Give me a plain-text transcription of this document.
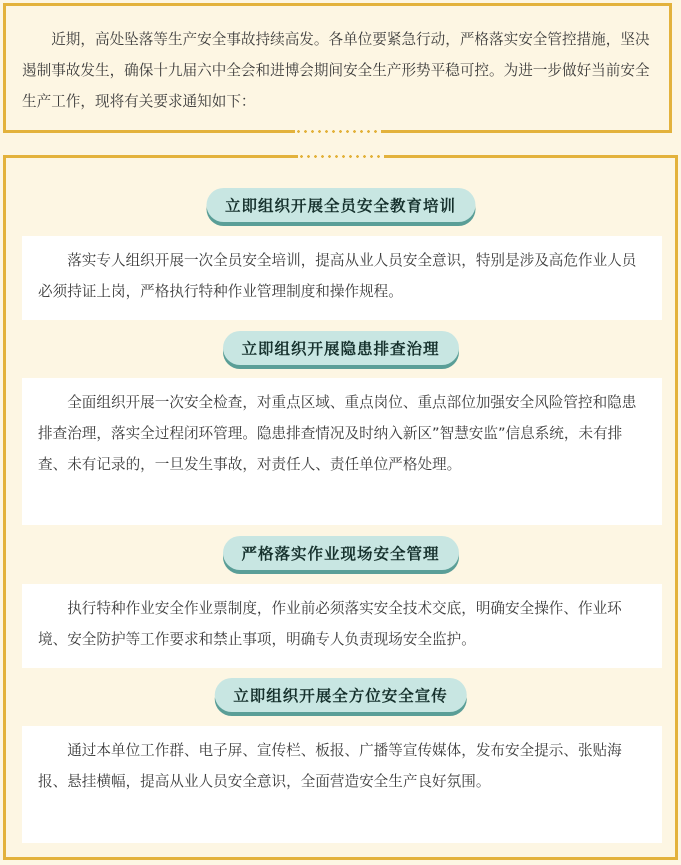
近期，高处坠落等生产安全事故持续高发。各单位要紧急行动，严格落实安全管控措施，坚决遏制事故发生，确保十九届六中全会和进博会期间安全生产形势平稳可控。为进一步做好当前安全生产工作，现将有关要求通知如下：

立即组织开展全员安全教育培训

落实专人组织开展一次全员安全培训，提高从业人员安全意识，特别是涉及高危作业人员必须持证上岗，严格执行特种作业管理制度和操作规程。

立即组织开展隐患排查治理

全面组织开展一次安全检查，对重点区域、重点岗位、重点部位加强安全风险管控和隐患排查治理，落实全过程闭环管理。隐患排查情况及时纳入新区”智慧安监”信息系统，未有排查、未有记录的，一旦发生事故，对责任人、责任单位严格处理。

严格落实作业现场安全管理

执行特种作业安全作业票制度，作业前必须落实安全技术交底，明确安全操作、作业环境、安全防护等工作要求和禁止事项，明确专人负责现场安全监护。

立即组织开展全方位安全宣传

通过本单位工作群、电子屏、宣传栏、板报、广播等宣传媒体，发布安全提示、张贴海报、悬挂横幅，提高从业人员安全意识，全面营造安全生产良好氛围。
